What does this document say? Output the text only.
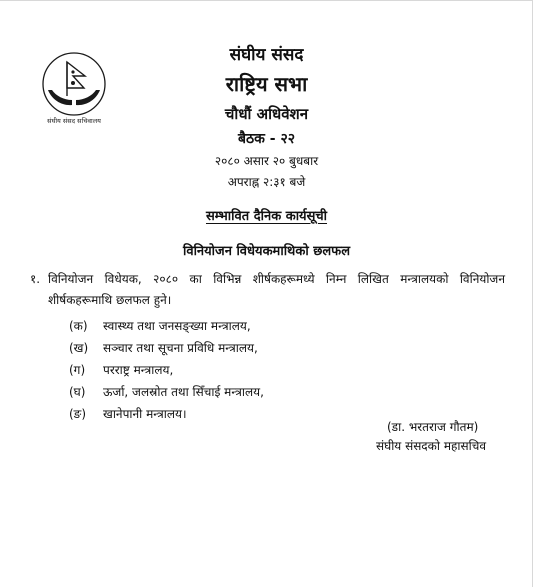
संघीय संसद सचिवालय
संघीय संसद
राष्ट्रिय सभा
चौधौं अधिवेशन
बैठक - २२
२०८० असार २० बुधबार
अपराह्न २:३१ बजे
सम्भावित दैनिक कार्यसूची
विनियोजन विधेयकमाथिको छलफल
१. विनियोजन विधेयक, २०८० का विभिन्न शीर्षकहरूमध्ये निम्न लिखित मन्त्रालयको विनियोजन
शीर्षकहरूमाथि छलफल हुने।
(क) स्वास्थ्य तथा जनसङ्ख्या मन्त्रालय,
(ख) सञ्चार तथा सूचना प्रविधि मन्त्रालय,
(ग) परराष्ट्र मन्त्रालय,
(घ) ऊर्जा, जलस्रोत तथा सिँचाई मन्त्रालय,
(ङ) खानेपानी मन्त्रालय।
(डा. भरतराज गौतम)
संघीय संसदको महासचिव
